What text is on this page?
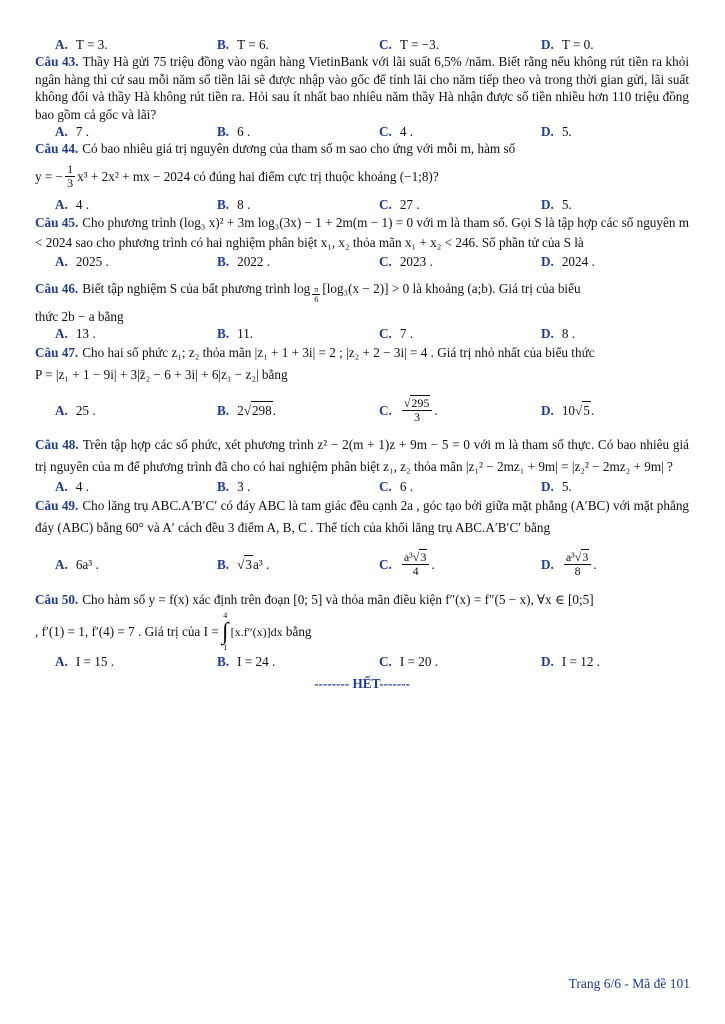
A. T = 3.	B. T = 6.	C. T = −3.	D. T = 0.
Câu 43. Thầy Hà gửi 75 triệu đồng vào ngân hàng VietinBank với lãi suất 6,5% /năm. Biết rằng nếu không rút tiền ra khỏi ngân hàng thì cứ sau mỗi năm số tiền lãi sẽ được nhập vào gốc để tính lãi cho năm tiếp theo và trong thời gian gửi, lãi suất không đổi và thầy Hà không rút tiền ra. Hỏi sau ít nhất bao nhiêu năm thầy Hà nhận được số tiền nhiều hơn 110 triệu đồng bao gồm cả gốc và lãi?
A. 7 .	B. 6 .	C. 4 .	D. 5.
Câu 44. Có bao nhiêu giá trị nguyên dương của tham số m sao cho ứng với mỗi m, hàm số
y = − $\frac{1}{3} x^3 + 2x^2$ + mx − 2024
có đúng hai điểm cực trị thuộc khoảng (−1;8)?
A. 4 .	B. 8 .	C. 27 .	D. 5.
Câu 45. Cho phương trình (log₃ x)² + 3m log₃(3x) − 1 + 2m(m − 1) = 0 với m là tham số. Gọi S là tập hợp các số nguyên m < 2024 sao cho phương trình có hai nghiệm phân biệt x₁, x₂ thỏa mãn x₁ + x₂ < 246. Số phần tử của S là
A. 2025 .	B. 2022 .	C. 2023 .	D. 2024 .
Câu 46. Biết tập nghiệm S của bất phương trình $\log \frac{\pi}{6} [\log_3(x - 2)] > 0$ là khoảng (a;b). Giá trị của biểu
thức 2b − a bằng
A. 13 .	B. 11.	C. 7 .	D. 8 .
Câu 47. Cho hai số phức z₁; z₂ thỏa mãn |z₁ + 1 + 3i| = 2 ; |z₂ + 2 − 3i| = 4 . Giá trị nhỏ nhất của biểu thức
P = |z₁ + 1 − 9i| + 3|z̄₂ − 6 + 3i| + 6|z₁ − z₂| bằng
A. 25 .	B. 2 √ 298 .	C. $\frac{√295}{3}$ .	D. 10 √ 5 .
Câu 48. Trên tập hợp các số phức, xét phương trình z² − 2(m + 1)z + 9m − 5 = 0 với m là tham số thực. Có bao nhiêu giá trị nguyên của m để phương trình đã cho có hai nghiệm phân biệt z₁, z₂ thỏa mãn |z₁² − 2mz₁ + 9m| = |z₂² − 2mz₂ + 9m| ?
A. 4 .	B. 3 .	C. 6 .	D. 5.
Câu 49. Cho lăng trụ ABC.A′B′C′ có đáy ABC là tam giác đều cạnh 2a , góc tạo bởi giữa mặt phẳng (A′BC) với mặt phẳng đáy (ABC) bằng 60° và A′ cách đều 3 điểm A, B, C . Thể tích của khối lăng trụ ABC.A′B′C′ bằng
A. 6a³ .	B. √ 3 a³ .	C. $\frac{\text{a³√3}}{4}$ .	D. $\frac{\text{a³√3}}{8}$ .
Câu 50. Cho hàm số y = f(x) xác định trên đoạn [0; 5] và thỏa mãn điều kiện f″(x) = f″(5 − x), ∀x ∈ [0;5]
, f′(1) = 1, f′(4) = 7 . Giá trị của I =

4
∫
1
[x.f″(x)]dx
bằng
A. I = 15 .	B. I = 24 .	C. I = 20 .	D. I = 12 .
-------- HẾT-------
Trang 6/6 - Mã đề 101
